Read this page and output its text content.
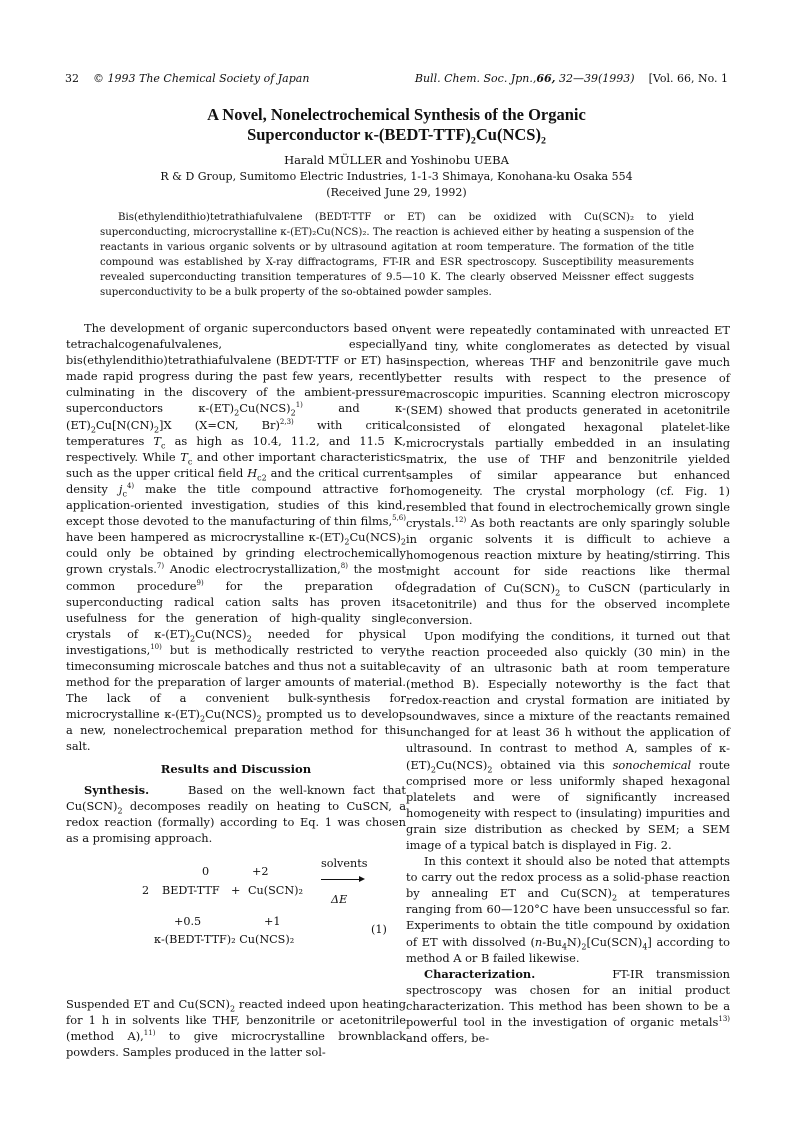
32 © 1993 The Chemical Society of Japan	Bull. Chem. Soc. Jpn.,66, 32—39(1993) [Vol. 66, No. 1
A Novel, Nonelectrochemical Synthesis of the Organic
Superconductor κ-(BEDT-TTF)₂Cu(NCS)₂
Harald MÜLLER and Yoshinobu UEBA
R & D Group, Sumitomo Electric Industries, 1-1-3 Shimaya, Konohana-ku Osaka 554
(Received June 29, 1992)
Bis(ethylendithio)tetrathiafulvalene (BEDT-TTF or ET) can be oxidized with Cu(SCN)₂ to yield superconducting, microcrystalline κ-(ET)₂Cu(NCS)₂. The reaction is achieved either by heating a suspension of the reactants in various organic solvents or by ultrasound agitation at room temperature. The formation of the title compound was established by X-ray diffractograms, FT-IR and ESR spectroscopy. Susceptibility measurements revealed superconducting transition temperatures of 9.5—10 K. The clearly observed Meissner effect suggests superconductivity to be a bulk property of the so-obtained powder samples.

The development of organic superconductors based on tetrachalcogenafulvalenes, especially bis(ethylendithio)tetrathiafulvalene (BEDT-TTF or ET) has made rapid progress during the past few years, recently culminating in the discovery of the ambient-pressure superconductors $\kappa-(ET)_2Cu(NCS)_2^{1)}$ and $\kappa-(ET)_2Cu[N(CN)_2]X$ (X=CN, Br)$^{2,3)}$ with critical temperatures $T_c$ as high as 10.4, 11.2, and 11.5 K, respectively. While $T_c$ and other important characteristics such as the upper critical field $H_{c2}$ and the critical current density $j_c^{4)}$ make the title compound attractive for application-oriented investigation, studies of this kind, except those devoted to the manufacturing of thin films,$^{5,6)}$ have been hampered as microcrystalline $\kappa-(ET)_2Cu(NCS)_2$ could only be obtained by grinding electrochemically grown crystals.$^{7)}$ Anodic electrocrystallization,$^{8)}$ the most common procedure$^{9)}$ for the preparation of superconducting radical cation salts has proven its usefulness for the generation of high-quality single crystals of $\kappa-(ET)_2Cu(NCS)_2$ needed for physical investigations,$^{10)}$ but is methodically restricted to very timeconsuming microscale batches and thus not a suitable method for the preparation of larger amounts of material. The lack of a convenient bulk-synthesis for microcrystalline $\kappa-(ET)_2Cu(NCS)_2$ prompted us to develop a new, nonelectrochemical preparation method for this salt.

Results and Discussion

Synthesis.     Based on the well-known fact that $Cu(SCN)_2$ decomposes readily on heating to CuSCN, a redox reaction (formally) according to Eq. 1 was chosen as a promising approach.

0	+2
solvents
2 BEDT-TTF + Cu(SCN)₂
ΔE
+0.5	+1
κ-(BEDT-TTF)₂ Cu(NCS)₂
(1)

Suspended ET and $Cu(SCN)_2$ reacted indeed upon heating for 1 h in solvents like THF, benzonitrile or acetonitrile (method A),$^{11)}$ to give microcrystalline brownblack powders. Samples produced in the latter sol-

vent were repeatedly contaminated with unreacted ET and tiny, white conglomerates as detected by visual inspection, whereas THF and benzonitrile gave much better results with respect to the presence of macroscopic impurities. Scanning electron microscopy (SEM) showed that products generated in acetonitrile consisted of elongated hexagonal platelet-like microcrystals partially embedded in an insulating matrix, the use of THF and benzonitrile yielded samples of similar appearance but enhanced homogeneity. The crystal morphology (cf. Fig. 1) resembled that found in electrochemically grown single crystals.$^{12)}$ As both reactants are only sparingly soluble in organic solvents it is difficult to achieve a homogenous reaction mixture by heating/stirring. This might account for side reactions like thermal degradation of $Cu(SCN)_2$ to CuSCN (particularly in acetonitrile) and thus for the observed incomplete conversion.

Upon modifying the conditions, it turned out that the reaction proceeded also quickly (30 min) in the cavity of an ultrasonic bath at room temperature (method B). Especially noteworthy is the fact that redox-reaction and crystal formation are initiated by soundwaves, since a mixture of the reactants remained unchanged for at least 36 h without the application of ultrasound. In contrast to method A, samples of $\kappa-(ET)_2Cu(NCS)_2$ obtained via this sonochemical route comprised more or less uniformly shaped hexagonal platelets and were of significantly increased homogeneity with respect to (insulating) impurities and grain size distribution as checked by SEM; a SEM image of a typical batch is displayed in Fig. 2.

In this context it should also be noted that attempts to carry out the redox process as a solid-phase reaction by annealing ET and $Cu(SCN)_2$ at temperatures ranging from 60—120°C have been unsuccessful so far. Experiments to obtain the title compound by oxidation of ET with dissolved $(n-Bu_4N)_2[Cu(SCN)_4]$ according to method A or B failed likewise.

Characterization.      FT-IR transmission spectroscopy was chosen for an initial product characterization. This method has been shown to be a powerful tool in the investigation of organic metals$^{13)}$ and offers, be-
